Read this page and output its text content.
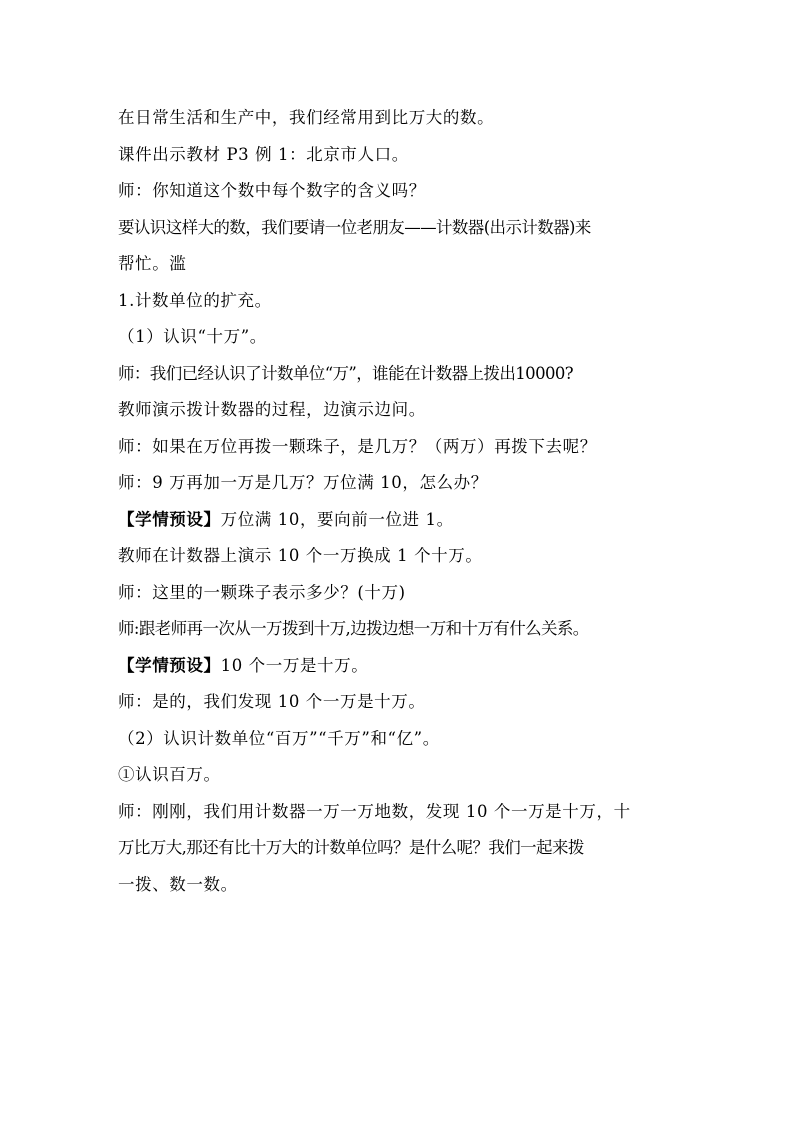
在日常生活和生产中，我们经常用到比万大的数。
课件出示教材 P3 例 1：北京市人口。
师：你知道这个数中每个数字的含义吗？
要认识这样大的数，我们要请一位老朋友——计数器(出示计数器)来
帮忙。滥
1.计数单位的扩充。
（1）认识“十万”。
师：我们已经认识了计数单位“万”，谁能在计数器上拨出10000?
教师演示拨计数器的过程，边演示边问。
师：如果在万位再拨一颗珠子，是几万？（两万）再拨下去呢？
师：9 万再加一万是几万？万位满 10，怎么办？
【学情预设】万位满 10，要向前一位进 1。
教师在计数器上演示 10 个一万换成 1 个十万。
师：这里的一颗珠子表示多少？(十万)
师:跟老师再一次从一万拨到十万,边拨边想一万和十万有什么关系。
【学情预设】10 个一万是十万。
师：是的，我们发现 10 个一万是十万。
（2）认识计数单位“百万”“千万”和“亿”。
①认识百万。
师：刚刚，我们用计数器一万一万地数，发现 10 个一万是十万，十
万比万大,那还有比十万大的计数单位吗？是什么呢？我们一起来拨
一拨、数一数。
